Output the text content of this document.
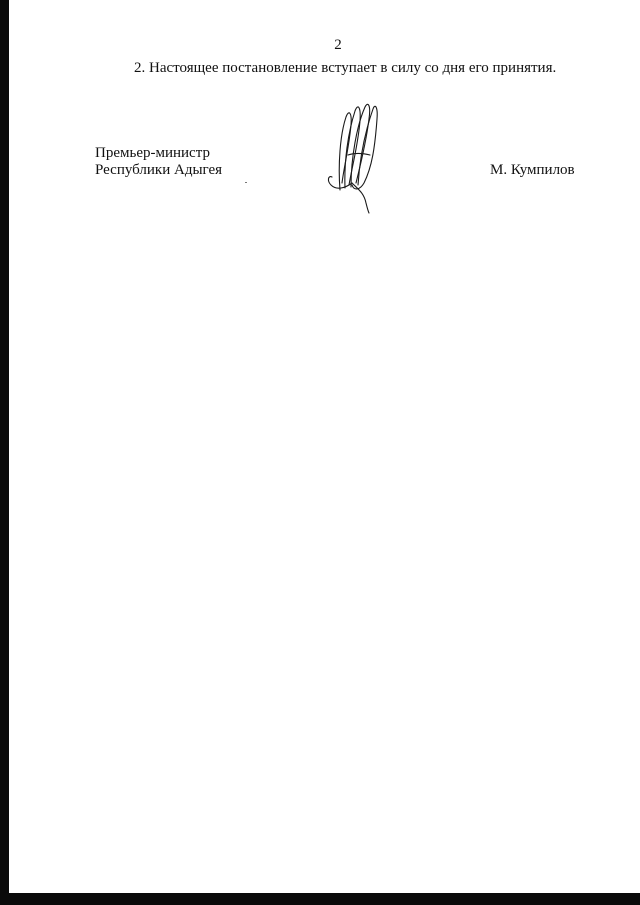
2
2. Настоящее постановление вступает в силу со дня его принятия.
Премьер-министр
Республики Адыгея	М. Кумпилов
